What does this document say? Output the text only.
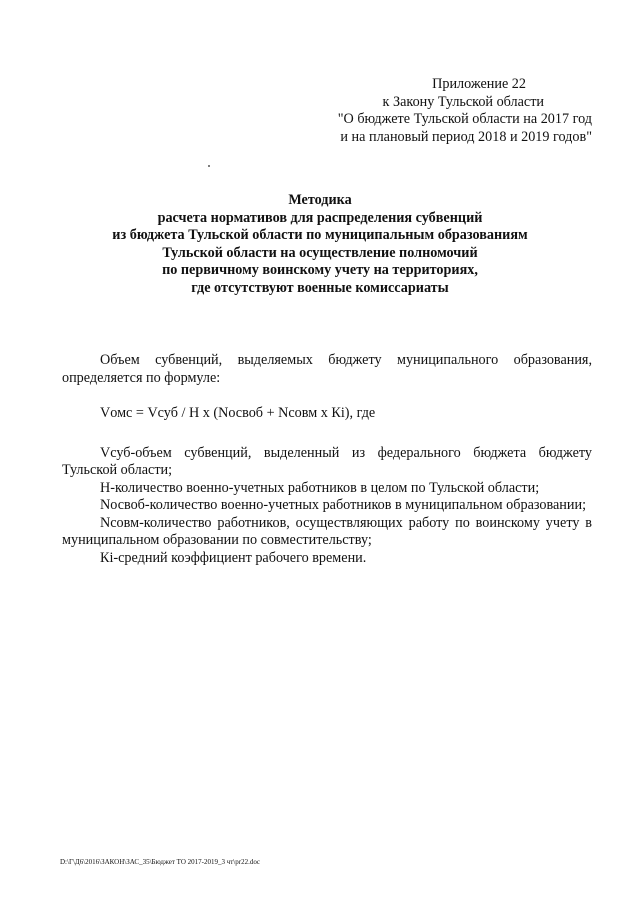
Приложение 22
к Закону Тульской области
"О бюджете Тульской области на 2017 год
и на плановый период 2018 и 2019 годов"
Методика
расчета нормативов для распределения субвенций
из бюджета Тульской области по муниципальным образованиям
Тульской области на осуществление полномочий
по первичному воинскому учету на территориях,
где отсутствуют военные комиссариаты

Объем субвенций, выделяемых бюджету муниципального образования, определяется по формуле:

Vомс = Vсуб / Н х (Nосвоб + Nсовм х Кi), где

Vсуб-объем субвенций, выделенный из федерального бюджета бюджету Тульской области;

Н-количество военно-учетных работников в целом по Тульской области;

Nосвоб-количество военно-учетных работников в муниципальном образовании;

Nсовм-количество работников, осуществляющих работу по воинскому учету в муниципальном образовании по совместительству;

Кi-средний коэффициент рабочего времени.

D:\Г\Д6\2016\ЗАКОН\ЗАС_35\Бюджет ТО 2017-2019_3 чт\pr22.doc
